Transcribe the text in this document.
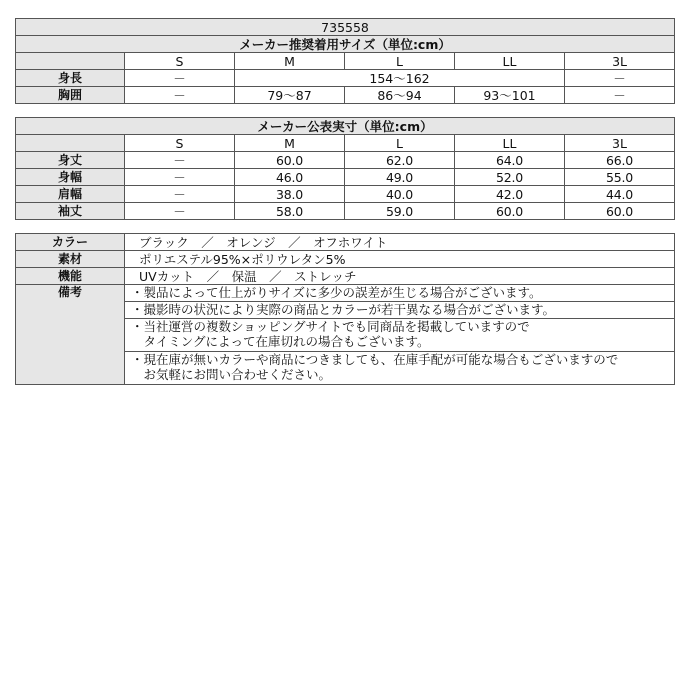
735558					
メーカー推奨着用サイズ（単位:cm）					
	S	M	L	LL	3L
身長	－	154～162			－
胸囲	－	79～87	86～94	93～101	－
メーカー公表実寸（単位:cm）					
	S	M	L	LL	3L
身丈	－	60.0	62.0	64.0	66.0
身幅	－	46.0	49.0	52.0	55.0
肩幅	－	38.0	40.0	42.0	44.0
袖丈	－	58.0	59.0	60.0	60.0
カラー	ブラック　／　オレンジ　／　オフホワイト
素材	ポリエステル95%×ポリウレタン5%
機能	UVカット　／　保温　／　ストレッチ
備考	・製品によって仕上がりサイズに多少の誤差が生じる場合がございます。

	・撮影時の状況により実際の商品とカラーが若干異なる場合がございます。

	・当社運営の複数ショッピングサイトでも同商品を掲載していますので
　タイミングによって在庫切れの場合もございます。

	・現在庫が無いカラーや商品につきましても、在庫手配が可能な場合もございますので
　お気軽にお問い合わせください。
